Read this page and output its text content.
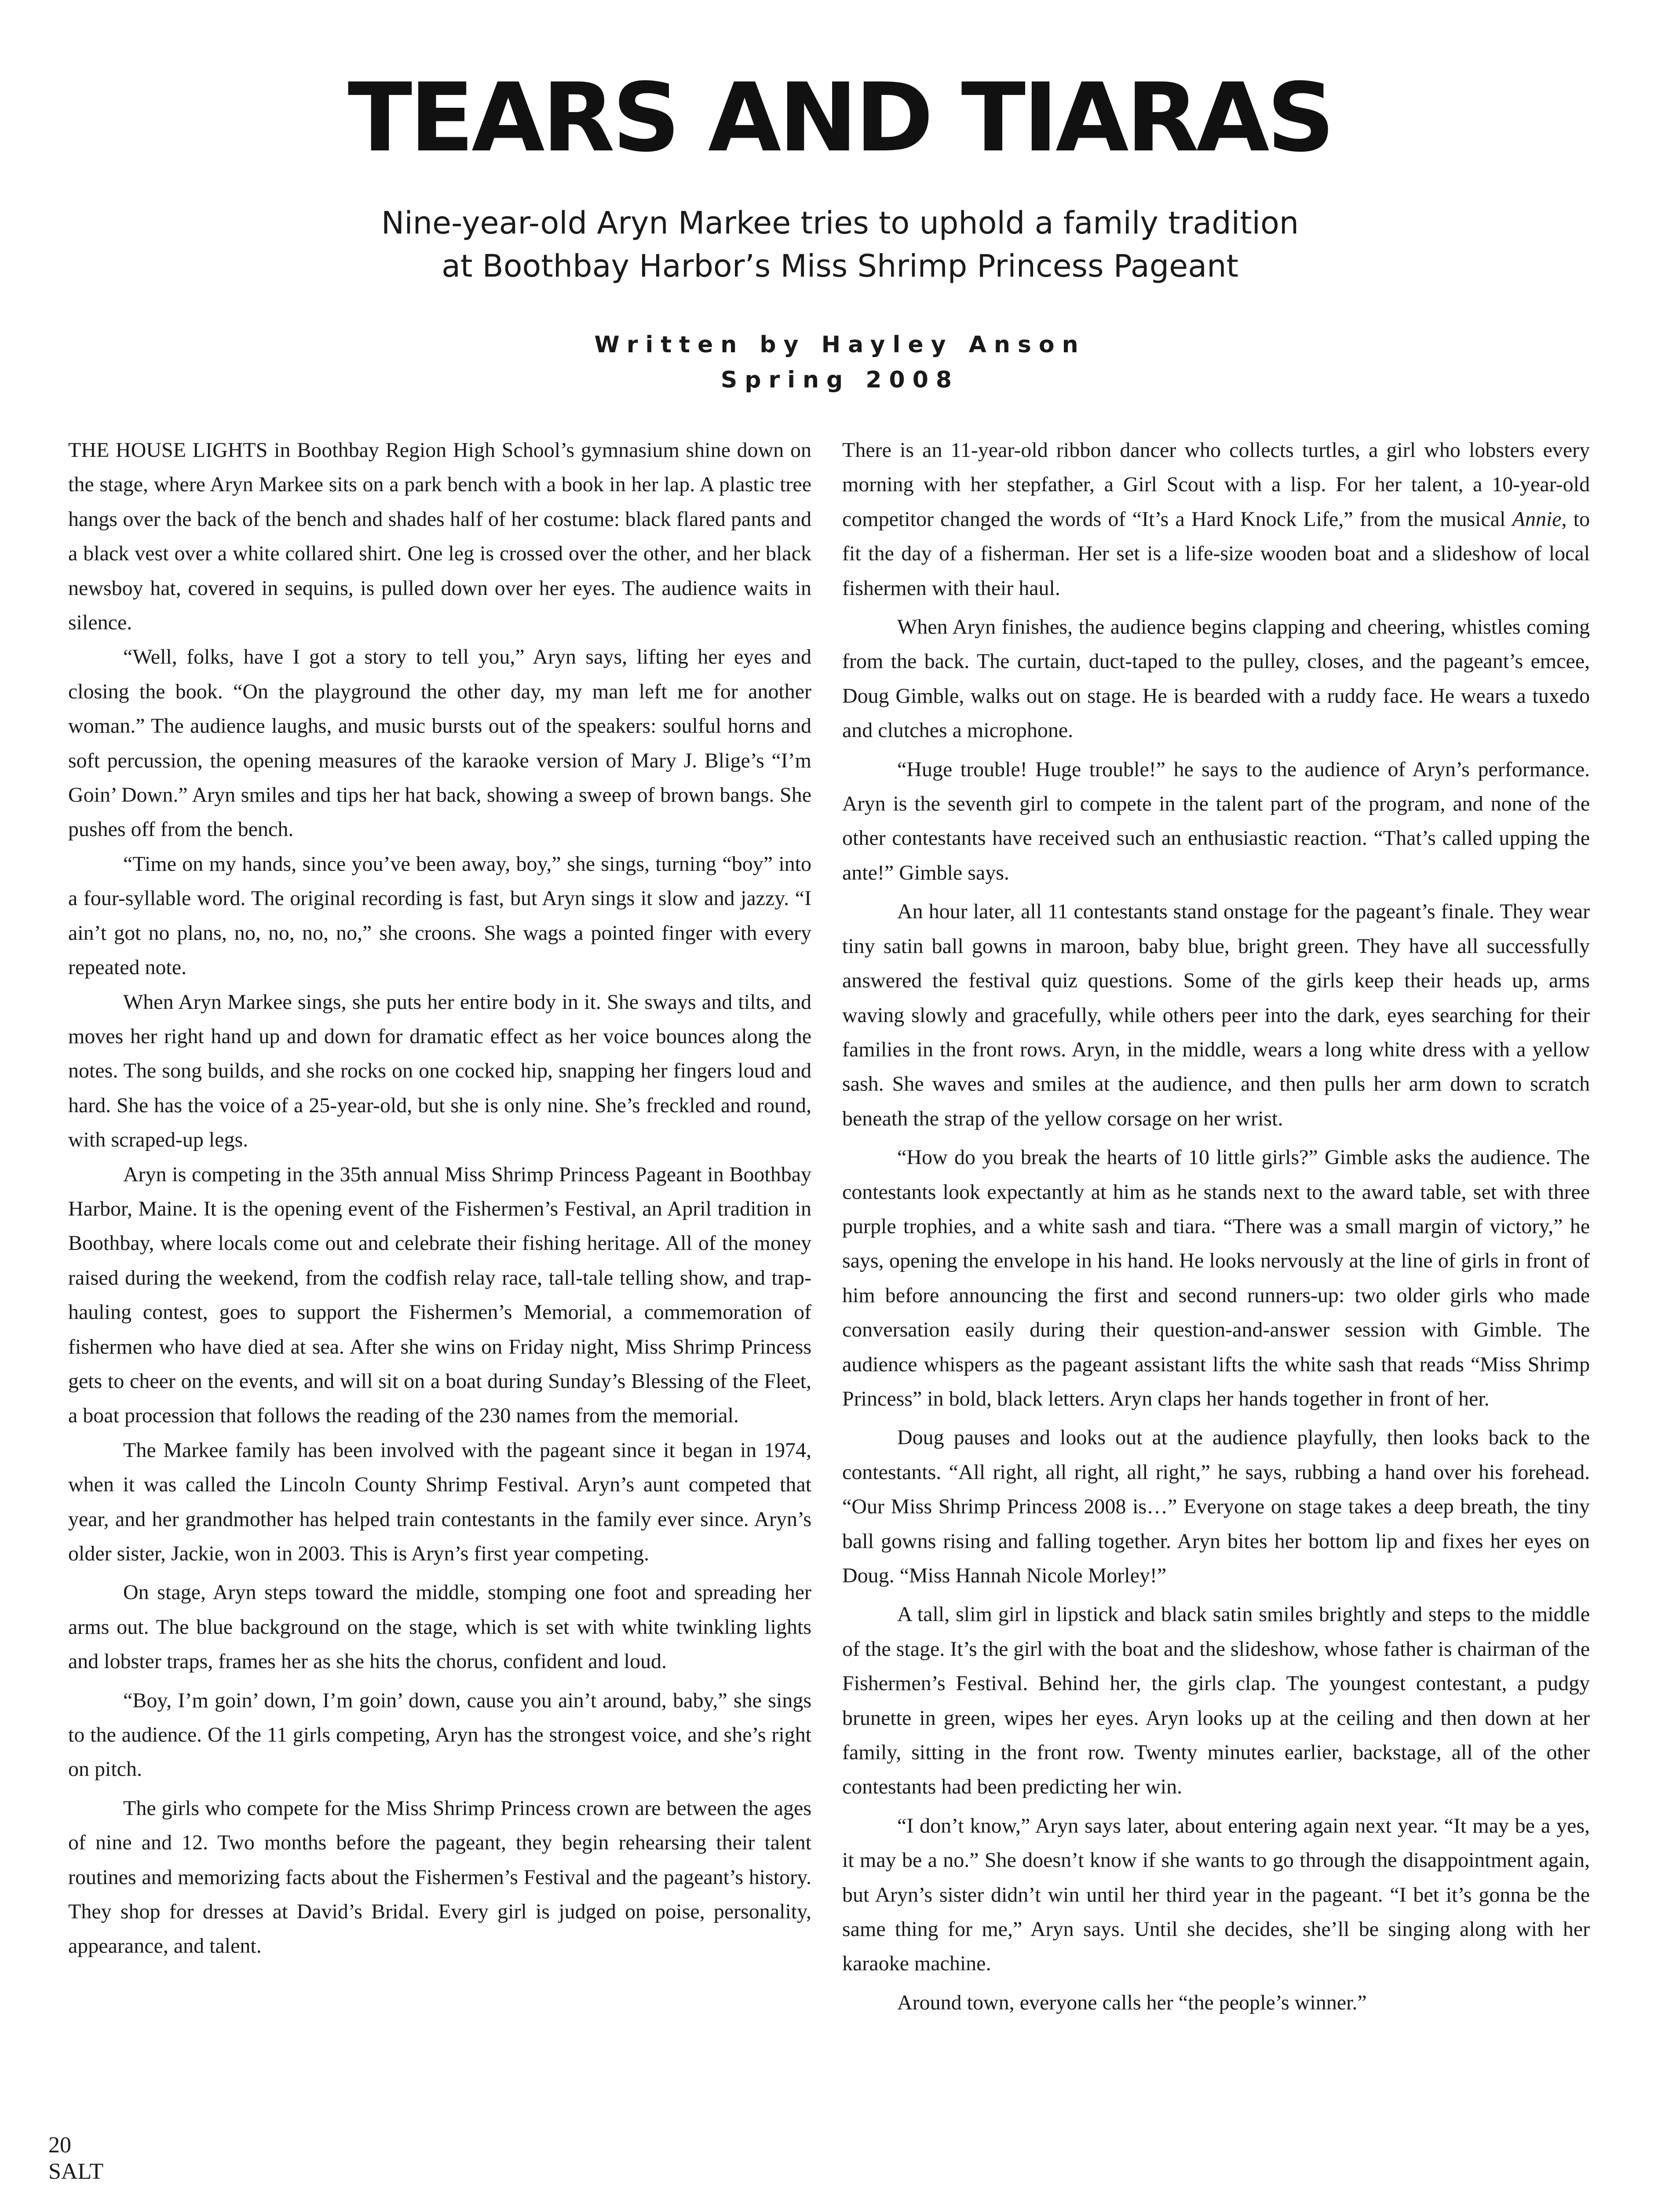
TEARS AND TIARAS
Nine-year-old Aryn Markee tries to uphold a family tradition
at Boothbay Harbor’s Miss Shrimp Princess Pageant
Written by Hayley Anson
Spring 2008

THE HOUSE LIGHTS in Boothbay Region High School’s gymnasium shine down on the stage, where Aryn Markee sits on a park bench with a book in her lap. A plastic tree hangs over the back of the bench and shades half of her costume: black flared pants and a black vest over a white collared shirt. One leg is crossed over the other, and her black newsboy hat, covered in sequins, is pulled down over her eyes. The audience waits in silence.

“Well, folks, have I got a story to tell you,” Aryn says, lifting her eyes and closing the book. “On the playground the other day, my man left me for another woman.” The audience laughs, and music bursts out of the speakers: soulful horns and soft percussion, the opening measures of the karaoke version of Mary J. Blige’s “I’m Goin’ Down.” Aryn smiles and tips her hat back, showing a sweep of brown bangs. She pushes off from the bench.

“Time on my hands, since you’ve been away, boy,” she sings, turning “boy” into a four-syllable word. The original recording is fast, but Aryn sings it slow and jazzy. “I ain’t got no plans, no, no, no, no,” she croons. She wags a pointed finger with every repeated note.

When Aryn Markee sings, she puts her entire body in it. She sways and tilts, and moves her right hand up and down for dramatic effect as her voice bounces along the notes. The song builds, and she rocks on one cocked hip, snapping her fingers loud and hard. She has the voice of a 25-year-old, but she is only nine. She’s freckled and round, with scraped-up legs.

Aryn is competing in the 35th annual Miss Shrimp Princess Pageant in Boothbay Harbor, Maine. It is the opening event of the Fishermen’s Festival, an April tradition in Boothbay, where locals come out and celebrate their fishing heritage. All of the money raised during the weekend, from the codfish relay race, tall-tale telling show, and trap-hauling contest, goes to support the Fishermen’s Memorial, a commemoration of fishermen who have died at sea. After she wins on Friday night, Miss Shrimp Princess gets to cheer on the events, and will sit on a boat during Sunday’s Blessing of the Fleet, a boat procession that follows the reading of the 230 names from the memorial.

The Markee family has been involved with the pageant since it began in 1974, when it was called the Lincoln County Shrimp Festival. Aryn’s aunt competed that year, and her grandmother has helped train contestants in the family ever since. Aryn’s older sister, Jackie, won in 2003. This is Aryn’s first year competing.

On stage, Aryn steps toward the middle, stomping one foot and spreading her arms out. The blue background on the stage, which is set with white twinkling lights and lobster traps, frames her as she hits the chorus, confident and loud.

“Boy, I’m goin’ down, I’m goin’ down, cause you ain’t around, baby,” she sings to the audience. Of the 11 girls competing, Aryn has the strongest voice, and she’s right on pitch.

The girls who compete for the Miss Shrimp Princess crown are between the ages of nine and 12. Two months before the pageant, they begin rehearsing their talent routines and memorizing facts about the Fishermen’s Festival and the pageant’s history. They shop for dresses at David’s Bridal. Every girl is judged on poise, personality, appearance, and talent.

There is an 11-year-old ribbon dancer who collects turtles, a girl who lobsters every morning with her stepfather, a Girl Scout with a lisp. For her talent, a 10-year-old competitor changed the words of “It’s a Hard Knock Life,” from the musical Annie, to fit the day of a fisherman. Her set is a life-size wooden boat and a slideshow of local fishermen with their haul.

When Aryn finishes, the audience begins clapping and cheering, whistles coming from the back. The curtain, duct-taped to the pulley, closes, and the pageant’s emcee, Doug Gimble, walks out on stage. He is bearded with a ruddy face. He wears a tuxedo and clutches a microphone.

“Huge trouble! Huge trouble!” he says to the audience of Aryn’s performance. Aryn is the seventh girl to compete in the talent part of the program, and none of the other contestants have received such an enthusiastic reaction. “That’s called upping the ante!” Gimble says.

An hour later, all 11 contestants stand onstage for the pageant’s finale. They wear tiny satin ball gowns in maroon, baby blue, bright green. They have all successfully answered the festival quiz questions. Some of the girls keep their heads up, arms waving slowly and gracefully, while others peer into the dark, eyes searching for their families in the front rows. Aryn, in the middle, wears a long white dress with a yellow sash. She waves and smiles at the audience, and then pulls her arm down to scratch beneath the strap of the yellow corsage on her wrist.

“How do you break the hearts of 10 little girls?” Gimble asks the audience. The contestants look expectantly at him as he stands next to the award table, set with three purple trophies, and a white sash and tiara. “There was a small margin of victory,” he says, opening the envelope in his hand. He looks nervously at the line of girls in front of him before announcing the first and second runners-up: two older girls who made conversation easily during their question-and-answer session with Gimble. The audience whispers as the pageant assistant lifts the white sash that reads “Miss Shrimp Princess” in bold, black letters. Aryn claps her hands together in front of her.

Doug pauses and looks out at the audience playfully, then looks back to the contestants. “All right, all right, all right,” he says, rubbing a hand over his forehead. “Our Miss Shrimp Princess 2008 is…” Everyone on stage takes a deep breath, the tiny ball gowns rising and falling together. Aryn bites her bottom lip and fixes her eyes on Doug. “Miss Hannah Nicole Morley!”

A tall, slim girl in lipstick and black satin smiles brightly and steps to the middle of the stage. It’s the girl with the boat and the slideshow, whose father is chairman of the Fishermen’s Festival. Behind her, the girls clap. The youngest contestant, a pudgy brunette in green, wipes her eyes. Aryn looks up at the ceiling and then down at her family, sitting in the front row. Twenty minutes earlier, backstage, all of the other contestants had been predicting her win.

“I don’t know,” Aryn says later, about entering again next year. “It may be a yes, it may be a no.” She doesn’t know if she wants to go through the disappointment again, but Aryn’s sister didn’t win until her third year in the pageant. “I bet it’s gonna be the same thing for me,” Aryn says. Until she decides, she’ll be singing along with her karaoke machine.

Around town, everyone calls her “the people’s winner.”

20
SALT
